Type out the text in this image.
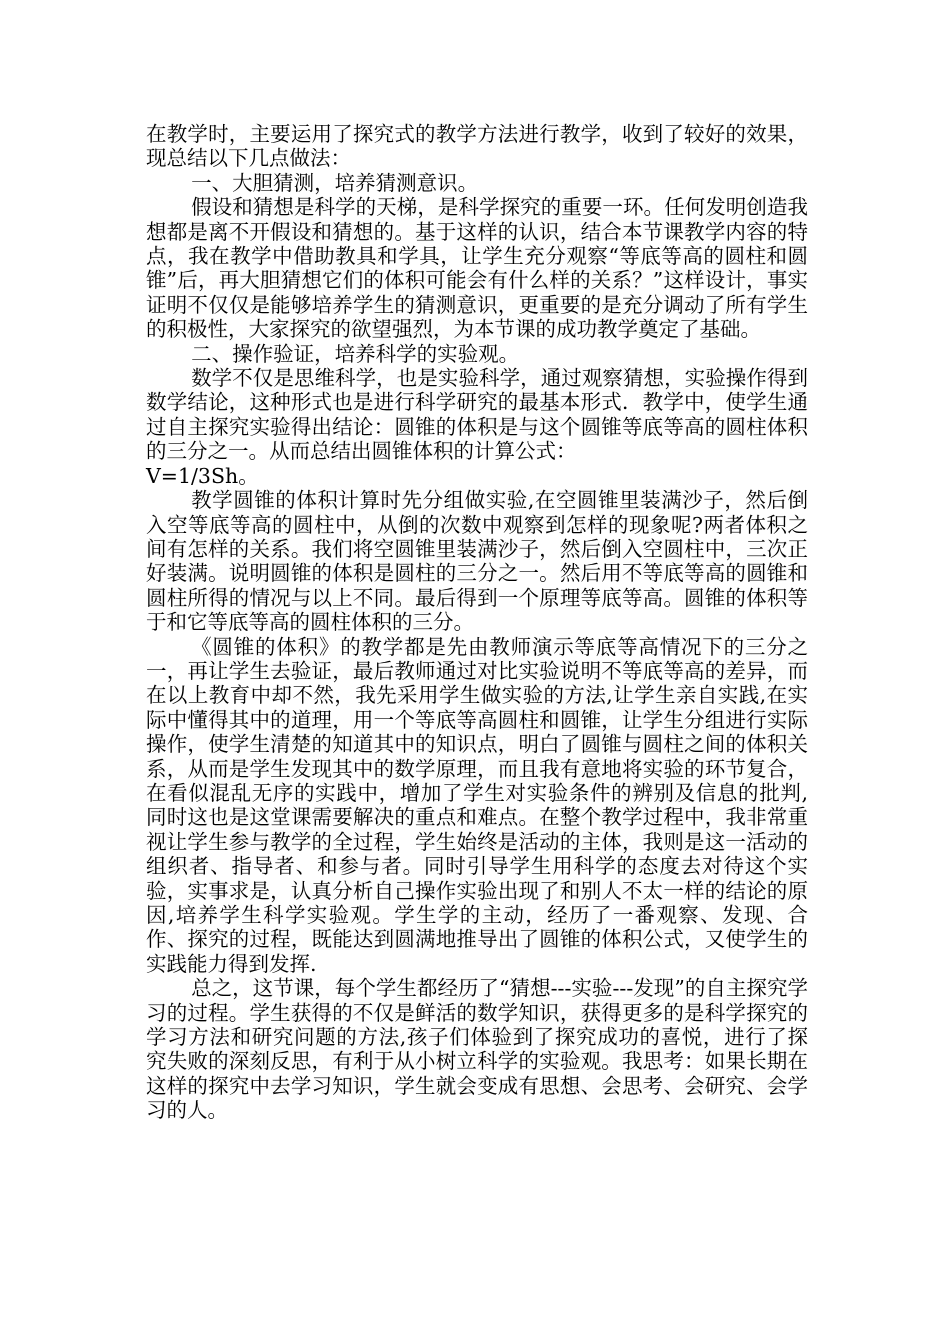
在教学时，主要运用了探究式的教学方法进行教学，收到了较好的效果，现总结以下几点做法：

一、大胆猜测，培养猜测意识。

假设和猜想是科学的天梯，是科学探究的重要一环。任何发明创造我想都是离不开假设和猜想的。基于这样的认识，结合本节课教学内容的特点，我在教学中借助教具和学具，让学生充分观察“等底等高的圆柱和圆锥”后，再大胆猜想它们的体积可能会有什么样的关系？”这样设计，事实证明不仅仅是能够培养学生的猜测意识，更重要的是充分调动了所有学生的积极性，大家探究的欲望强烈，为本节课的成功教学奠定了基础。

二、操作验证，培养科学的实验观。

数学不仅是思维科学，也是实验科学，通过观察猜想，实验操作得到数学结论，这种形式也是进行科学研究的最基本形式．教学中，使学生通过自主探究实验得出结论：圆锥的体积是与这个圆锥等底等高的圆柱体积的三分之一。从而总结出圆锥体积的计算公式：
V=1/3Sh。

教学圆锥的体积计算时先分组做实验,在空圆锥里装满沙子，然后倒入空等底等高的圆柱中，从倒的次数中观察到怎样的现象呢?两者体积之间有怎样的关系。我们将空圆锥里装满沙子，然后倒入空圆柱中，三次正好装满。说明圆锥的体积是圆柱的三分之一。然后用不等底等高的圆锥和圆柱所得的情况与以上不同。最后得到一个原理等底等高。圆锥的体积等于和它等底等高的圆柱体积的三分。

《圆锥的体积》的教学都是先由教师演示等底等高情况下的三分之一，再让学生去验证，最后教师通过对比实验说明不等底等高的差异，而在以上教育中却不然，我先采用学生做实验的方法,让学生亲自实践,在实际中懂得其中的道理，用一个等底等高圆柱和圆锥，让学生分组进行实际操作，使学生清楚的知道其中的知识点，明白了圆锥与圆柱之间的体积关系，从而是学生发现其中的数学原理，而且我有意地将实验的环节复合，在看似混乱无序的实践中，增加了学生对实验条件的辨别及信息的批判,同时这也是这堂课需要解决的重点和难点。在整个教学过程中，我非常重视让学生参与教学的全过程，学生始终是活动的主体，我则是这一活动的组织者、指导者、和参与者。同时引导学生用科学的态度去对待这个实验，实事求是，认真分析自己操作实验出现了和别人不太一样的结论的原因,培养学生科学实验观。学生学的主动，经历了一番观察、发现、合作、探究的过程，既能达到圆满地推导出了圆锥的体积公式，又使学生的实践能力得到发挥.

总之，这节课，每个学生都经历了“猜想---实验---发现”的自主探究学习的过程。学生获得的不仅是鲜活的数学知识，获得更多的是科学探究的学习方法和研究问题的方法,孩子们体验到了探究成功的喜悦，进行了探究失败的深刻反思，有利于从小树立科学的实验观。我思考：如果长期在这样的探究中去学习知识，学生就会变成有思想、会思考、会研究、会学习的人。
